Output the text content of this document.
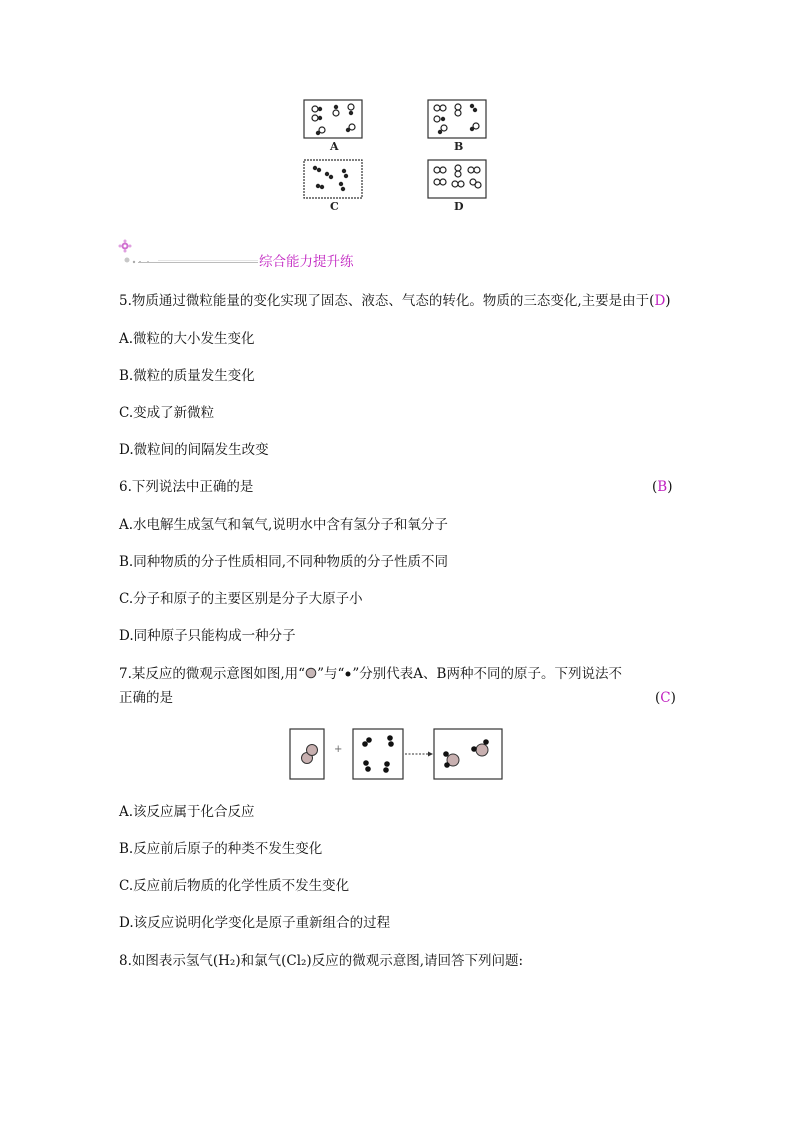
A	B
C	D
综合能力提升练
5.物质通过微粒能量的变化实现了固态、液态、气态的转化。物质的三态变化,主要是由于(D)
A.微粒的大小发生变化
B.微粒的质量发生变化
C.变成了新微粒
D.微粒间的间隔发生改变
6.下列说法中正确的是	(B)
A.水电解生成氢气和氧气,说明水中含有氢分子和氧分子
B.同种物质的分子性质相同,不同种物质的分子性质不同
C.分子和原子的主要区别是分子大原子小
D.同种原子只能构成一种分子
7.某反应的微观示意图如图,用“ ”与“ ”分别代表A、B两种不同的原子。下列说法不
正确的是	(C)
+
A.该反应属于化合反应
B.反应前后原子的种类不发生变化
C.反应前后物质的化学性质不发生变化
D.该反应说明化学变化是原子重新组合的过程
8.如图表示氢气(H₂)和氯气(Cl₂)反应的微观示意图,请回答下列问题:
